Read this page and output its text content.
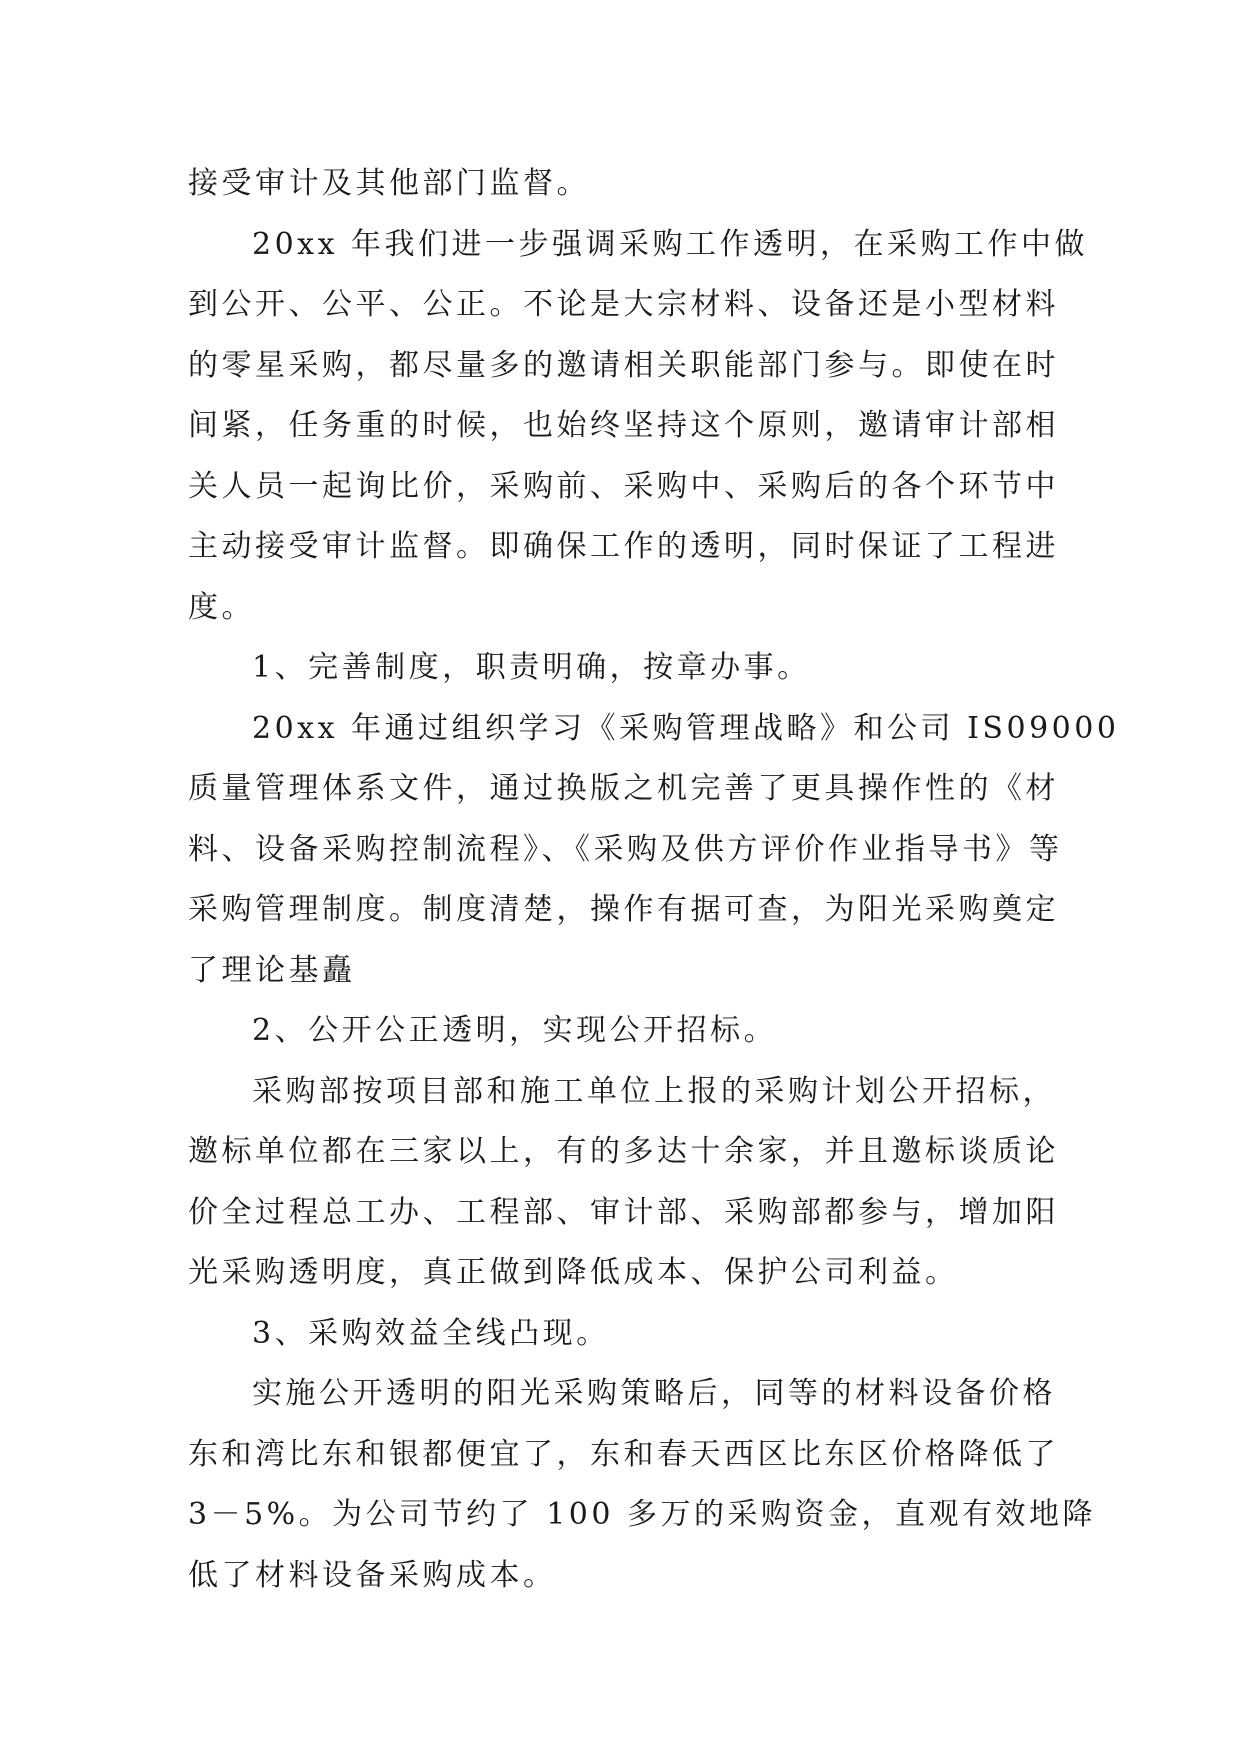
接受审计及其他部门监督。
20xx 年我们进一步强调采购工作透明，在采购工作中做
到公开、公平、公正。不论是大宗材料、设备还是小型材料
的零星采购，都尽量多的邀请相关职能部门参与。即使在时
间紧，任务重的时候，也始终坚持这个原则，邀请审计部相
关人员一起询比价，采购前、采购中、采购后的各个环节中
主动接受审计监督。即确保工作的透明，同时保证了工程进
度。
1、完善制度，职责明确，按章办事。
20xx 年通过组织学习《采购管理战略》和公司 IS09000
质量管理体系文件，通过换版之机完善了更具操作性的《材
料、设备采购控制流程》、《采购及供方评价作业指导书》等
采购管理制度。制度清楚，操作有据可查，为阳光采购奠定
了理论基矗
2、公开公正透明，实现公开招标。
采购部按项目部和施工单位上报的采购计划公开招标，
邀标单位都在三家以上，有的多达十余家，并且邀标谈质论
价全过程总工办、工程部、审计部、采购部都参与，增加阳
光采购透明度，真正做到降低成本、保护公司利益。
3、采购效益全线凸现。
实施公开透明的阳光采购策略后，同等的材料设备价格
东和湾比东和银都便宜了，东和春天西区比东区价格降低了
3－5%。为公司节约了 100 多万的采购资金，直观有效地降
低了材料设备采购成本。
